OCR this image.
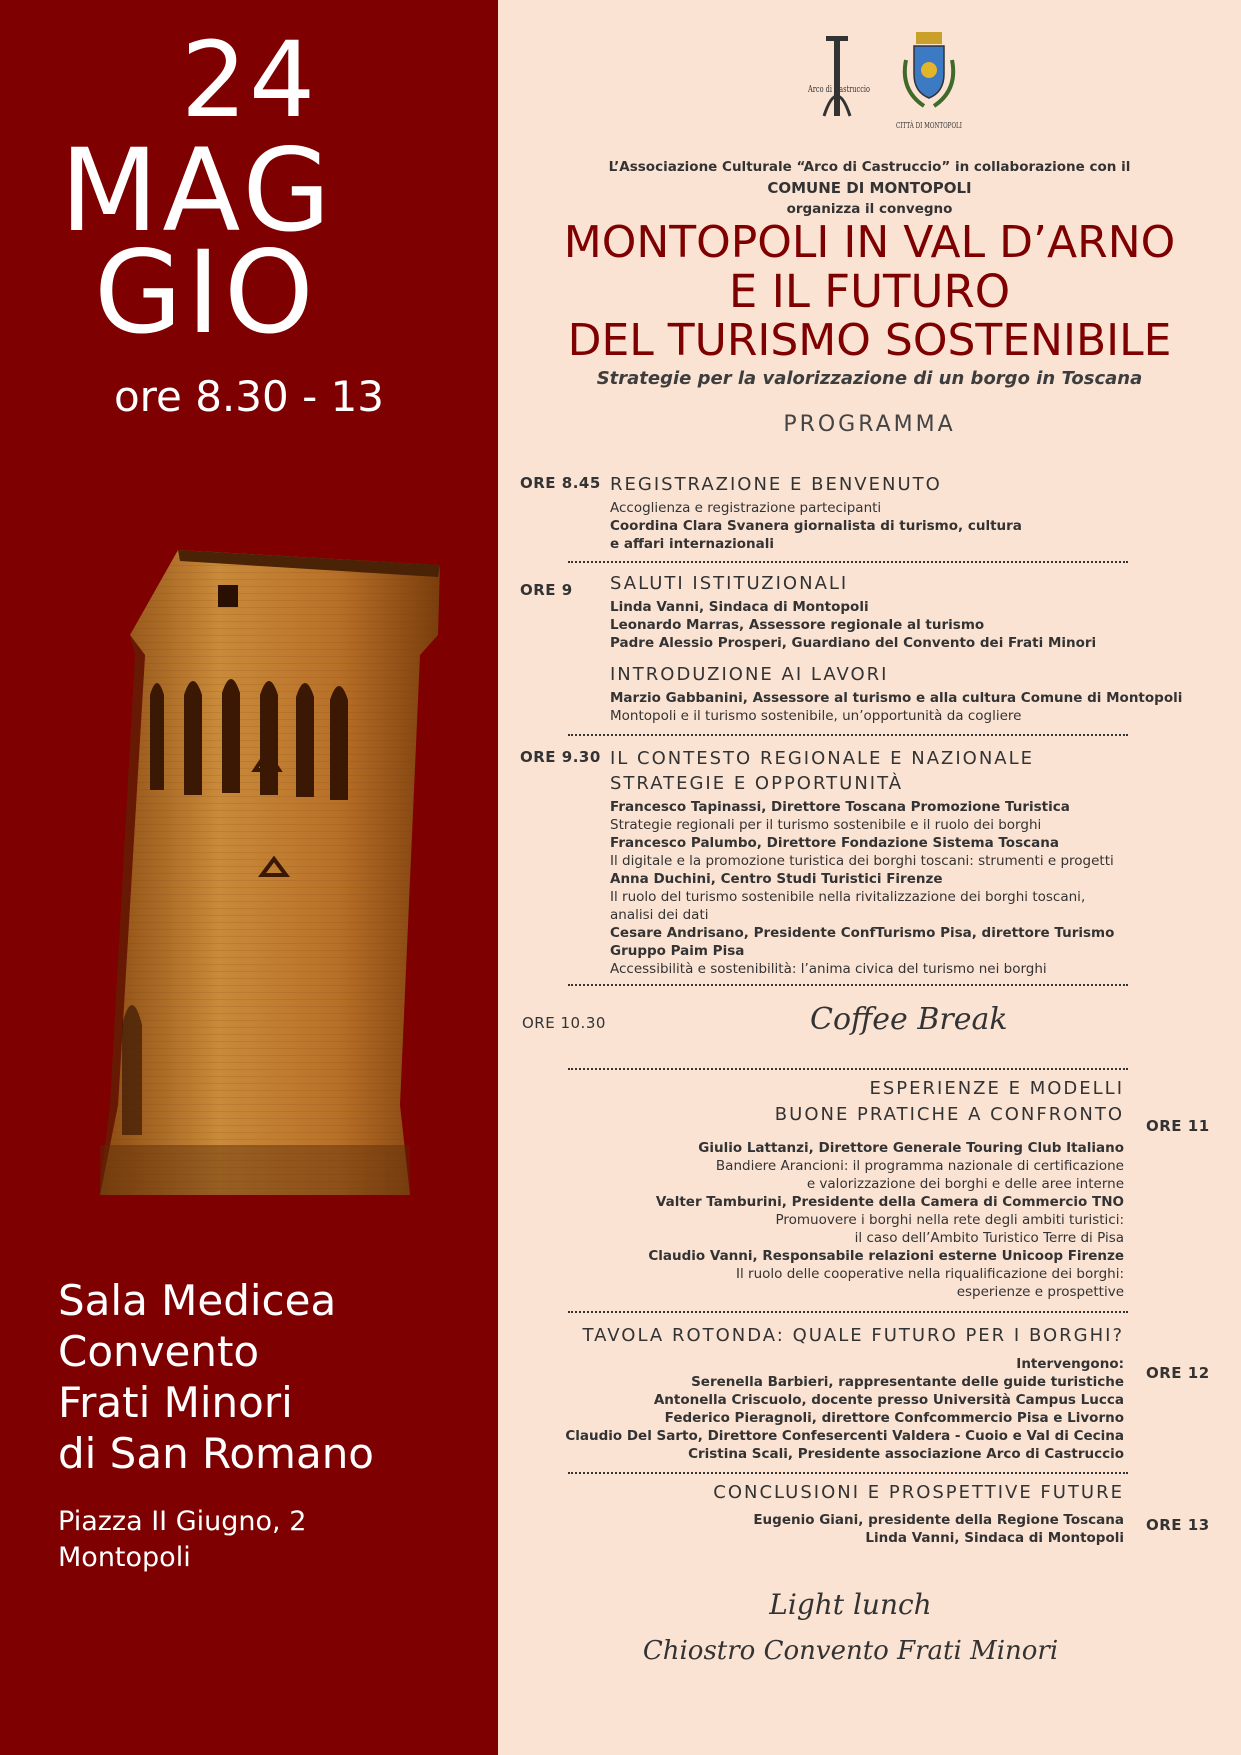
24
MAG
GIO
ore 8.30 - 13
Sala Medicea
Convento
Frati Minori
di San Romano
Piazza II Giugno, 2
Montopoli
Arco di Castruccio
CITTÀ DI MONTOPOLI
L’Associazione Culturale “Arco di Castruccio” in collaborazione con il
COMUNE DI MONTOPOLI
organizza il convegno
MONTOPOLI IN VAL D’ARNO
E IL FUTURO
DEL TURISMO SOSTENIBILE
Strategie per la valorizzazione di un borgo in Toscana
PROGRAMMA
ORE 8.45 REGISTRAZIONE E BENVENUTO
Accoglienza e registrazione partecipanti
Coordina Clara Svanera giornalista di turismo, cultura
e affari internazionali
ORE 9 SALUTI ISTITUZIONALI
Linda Vanni, Sindaca di Montopoli
Leonardo Marras, Assessore regionale al turismo
Padre Alessio Prosperi, Guardiano del Convento dei Frati Minori
INTRODUZIONE AI LAVORI
Marzio Gabbanini, Assessore al turismo e alla cultura Comune di Montopoli
Montopoli e il turismo sostenibile, un’opportunità da cogliere
ORE 9.30 IL CONTESTO REGIONALE E NAZIONALE
STRATEGIE E OPPORTUNITÀ
Francesco Tapinassi, Direttore Toscana Promozione Turistica
Strategie regionali per il turismo sostenibile e il ruolo dei borghi
Francesco Palumbo, Direttore Fondazione Sistema Toscana
Il digitale e la promozione turistica dei borghi toscani: strumenti e progetti
Anna Duchini, Centro Studi Turistici Firenze
Il ruolo del turismo sostenibile nella rivitalizzazione dei borghi toscani,
analisi dei dati
Cesare Andrisano, Presidente ConfTurismo Pisa, direttore Turismo
Gruppo Paim Pisa
Accessibilità e sostenibilità: l’anima civica del turismo nei borghi
ORE 10.30	Coffee Break
ORE 11
ESPERIENZE E MODELLI
BUONE PRATICHE A CONFRONTO
Giulio Lattanzi, Direttore Generale Touring Club Italiano
Bandiere Arancioni: il programma nazionale di certificazione
e valorizzazione dei borghi e delle aree interne
Valter Tamburini, Presidente della Camera di Commercio TNO
Promuovere i borghi nella rete degli ambiti turistici:
il caso dell’Ambito Turistico Terre di Pisa
Claudio Vanni, Responsabile relazioni esterne Unicoop Firenze
Il ruolo delle cooperative nella riqualificazione dei borghi:
esperienze e prospettive
ORE 12
TAVOLA ROTONDA: QUALE FUTURO PER I BORGHI?
Intervengono:
Serenella Barbieri, rappresentante delle guide turistiche
Antonella Criscuolo, docente presso Università Campus Lucca
Federico Pieragnoli, direttore Confcommercio Pisa e Livorno
Claudio Del Sarto, Direttore Confesercenti Valdera - Cuoio e Val di Cecina
Cristina Scali, Presidente associazione Arco di Castruccio
ORE 13
CONCLUSIONI E PROSPETTIVE FUTURE
Eugenio Giani, presidente della Regione Toscana
Linda Vanni, Sindaca di Montopoli
Light lunch
Chiostro Convento Frati Minori
